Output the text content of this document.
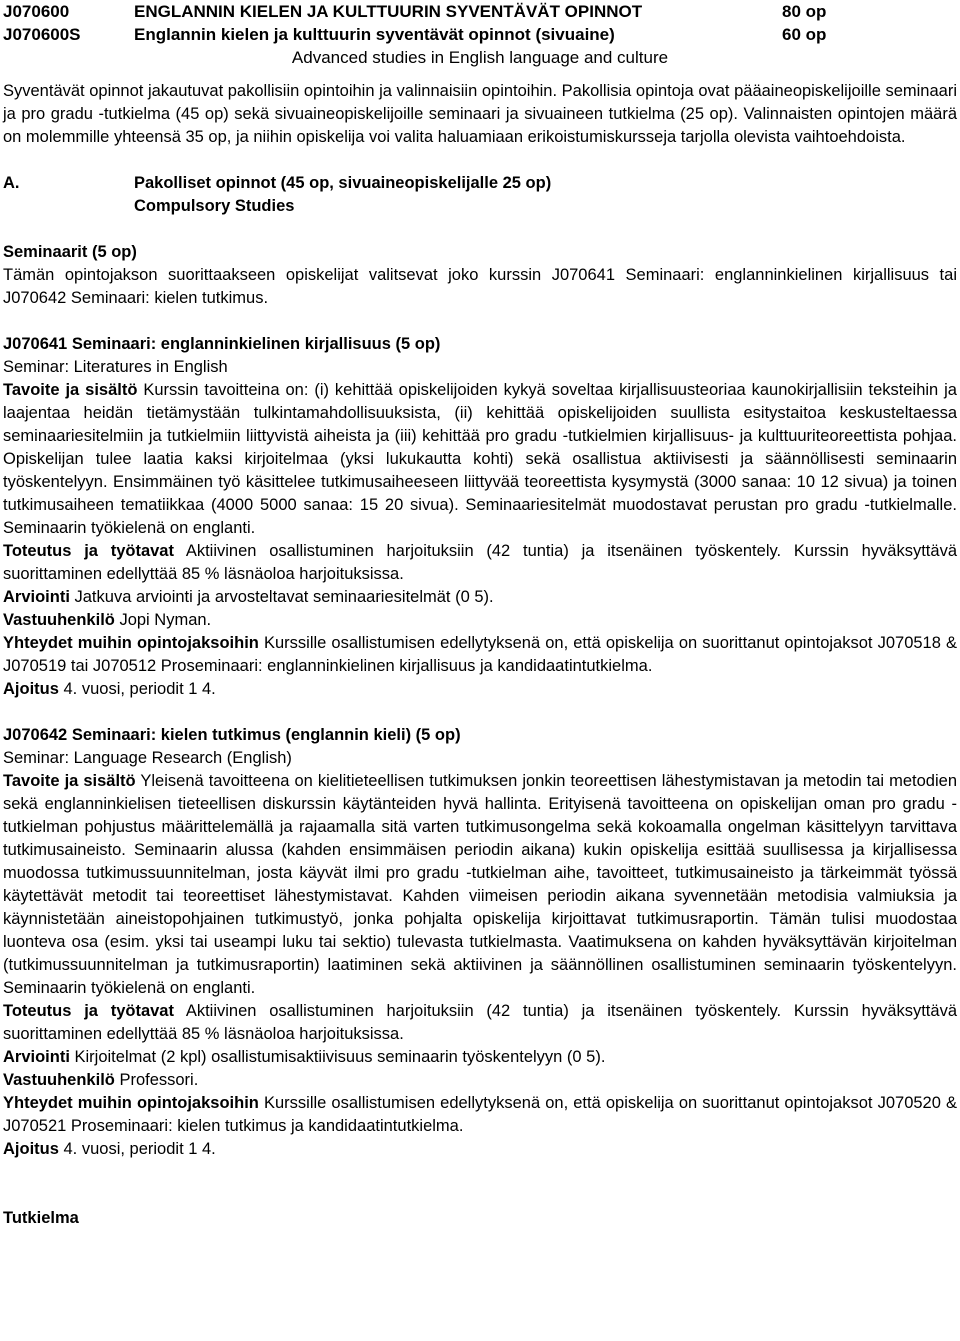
J070600
J070600S
ENGLANNIN KIELEN JA KULTTUURIN SYVENTÄVÄT OPINNOT
Englannin kielen ja kulttuurin syventävät opinnot (sivuaine)
80 op
60 op
Advanced studies in English language and culture

Syventävät opinnot jakautuvat pakollisiin opintoihin ja valinnaisiin opintoihin. Pakollisia opintoja ovat pääaineopiskelijoille seminaari ja pro gradu -tutkielma (45 op) sekä sivuaineopiskelijoille seminaari ja sivuaineen tutkielma (25 op). Valinnaisten opintojen määrä on molemmille yhteensä 35 op, ja niihin opiskelija voi valita haluamiaan erikoistumiskursseja tarjolla olevista vaihtoehdoista.

A.	Pakolliset opinnot (45 op, sivuaineopiskelijalle 25 op)
Compulsory Studies
Seminaarit (5 op)

Tämän opintojakson suorittaakseen opiskelijat valitsevat joko kurssin J070641 Seminaari: englanninkielinen kirjallisuus tai J070642 Seminaari: kielen tutkimus.

J070641 Seminaari: englanninkielinen kirjallisuus (5 op)
Seminar: Literatures in English

Tavoite ja sisältö Kurssin tavoitteina on: (i) kehittää opiskelijoiden kykyä soveltaa kirjallisuusteoriaa kaunokirjallisiin teksteihin ja laajentaa heidän tietämystään tulkintamahdollisuuksista, (ii) kehittää opiskelijoiden suullista esitystaitoa keskusteltaessa seminaariesitelmiin ja tutkielmiin liittyvistä aiheista ja (iii) kehittää pro gradu -tutkielmien kirjallisuus- ja kulttuuriteoreettista pohjaa. Opiskelijan tulee laatia kaksi kirjoitelmaa (yksi lukukautta kohti) sekä osallistua aktiivisesti ja säännöllisesti seminaarin työskentelyyn. Ensimmäinen työ käsittelee tutkimusaiheeseen liittyvää teoreettista kysymystä (3000 sanaa: 10 12 sivua) ja toinen tutkimusaiheen tematiikkaa (4000 5000 sanaa: 15 20 sivua). Seminaariesitelmät muodostavat perustan pro gradu -tutkielmalle. Seminaarin työkielenä on englanti.

Toteutus ja työtavat Aktiivinen osallistuminen harjoituksiin (42 tuntia) ja itsenäinen työskentely. Kurssin hyväksyttävä suorittaminen edellyttää 85 % läsnäoloa harjoituksissa.

Arviointi Jatkuva arviointi ja arvosteltavat seminaariesitelmät (0 5).

Vastuuhenkilö Jopi Nyman.

Yhteydet muihin opintojaksoihin Kurssille osallistumisen edellytyksenä on, että opiskelija on suorittanut opintojaksot J070518 & J070519 tai J070512 Proseminaari: englanninkielinen kirjallisuus ja kandidaatintutkielma.

Ajoitus 4. vuosi, periodit 1 4.

J070642 Seminaari: kielen tutkimus (englannin kieli) (5 op)
Seminar: Language Research (English)

Tavoite ja sisältö Yleisenä tavoitteena on kielitieteellisen tutkimuksen jonkin teoreettisen lähestymistavan ja metodin tai metodien sekä englanninkielisen tieteellisen diskurssin käytänteiden hyvä hallinta. Erityisenä tavoitteena on opiskelijan oman pro gradu -tutkielman pohjustus määrittelemällä ja rajaamalla sitä varten tutkimusongelma sekä kokoamalla ongelman käsittelyyn tarvittava tutkimusaineisto. Seminaarin alussa (kahden ensimmäisen periodin aikana) kukin opiskelija esittää suullisessa ja kirjallisessa muodossa tutkimussuunnitelman, josta käyvät ilmi pro gradu -tutkielman aihe, tavoitteet, tutkimusaineisto ja tärkeimmät työssä käytettävät metodit tai teoreettiset lähestymistavat. Kahden viimeisen periodin aikana syvennetään metodisia valmiuksia ja käynnistetään aineistopohjainen tutkimustyö, jonka pohjalta opiskelija kirjoittavat tutkimusraportin. Tämän tulisi muodostaa luonteva osa (esim. yksi tai useampi luku tai sektio) tulevasta tutkielmasta. Vaatimuksena on kahden hyväksyttävän kirjoitelman (tutkimussuunnitelman ja tutkimusraportin) laatiminen sekä aktiivinen ja säännöllinen osallistuminen seminaarin työskentelyyn. Seminaarin työkielenä on englanti.

Toteutus ja työtavat Aktiivinen osallistuminen harjoituksiin (42 tuntia) ja itsenäinen työskentely. Kurssin hyväksyttävä suorittaminen edellyttää 85 % läsnäoloa harjoituksissa.

Arviointi Kirjoitelmat (2 kpl) osallistumisaktiivisuus seminaarin työskentelyyn (0 5).

Vastuuhenkilö Professori.

Yhteydet muihin opintojaksoihin Kurssille osallistumisen edellytyksenä on, että opiskelija on suorittanut opintojaksot J070520 & J070521 Proseminaari: kielen tutkimus ja kandidaatintutkielma.

Ajoitus 4. vuosi, periodit 1 4.

Tutkielma
